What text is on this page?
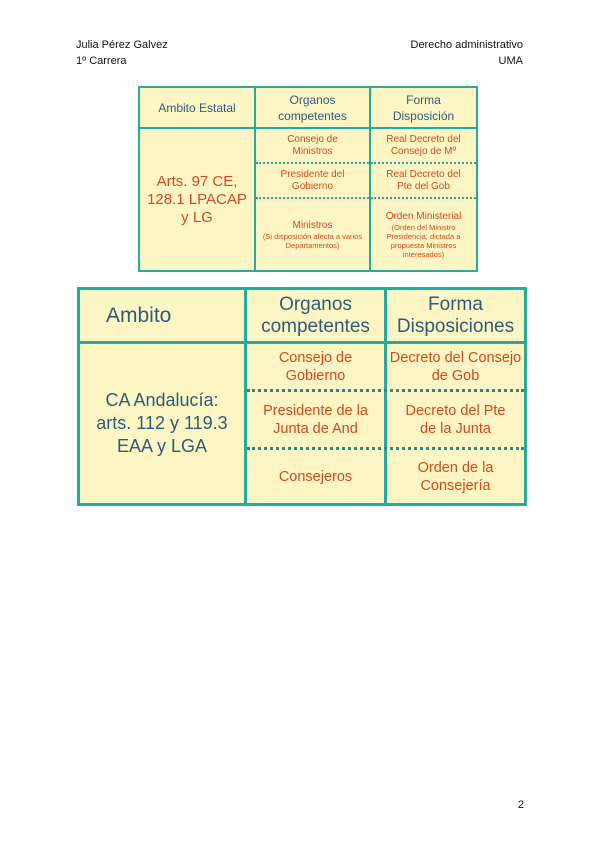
Julia Pérez Galvez
1º Carrera
Derecho administrativo
UMA
Ambito Estatal
Organos competentes
Forma Disposición
Arts. 97 CE, 128.1 LPACAP y LG
Consejo de Ministros
Real Decreto del Consejo de Mº
Presidente del Gobierno
Real Decreto del Pte del Gob
Ministros
(Si disposición afecta a varios Departamentos)
Orden Ministerial
(Orden del Ministro Presidencia, dictada a propuesta Ministros interesados)
Ambito	Organos competentes
Forma Disposiciones
CA Andalucía: arts. 112 y 119.3 EAA y LGA
Consejo de Gobierno
Decreto del Consejo de Gob
Presidente de la Junta de And
Decreto del Pte de la Junta
Consejeros
Orden de la Consejería
2
